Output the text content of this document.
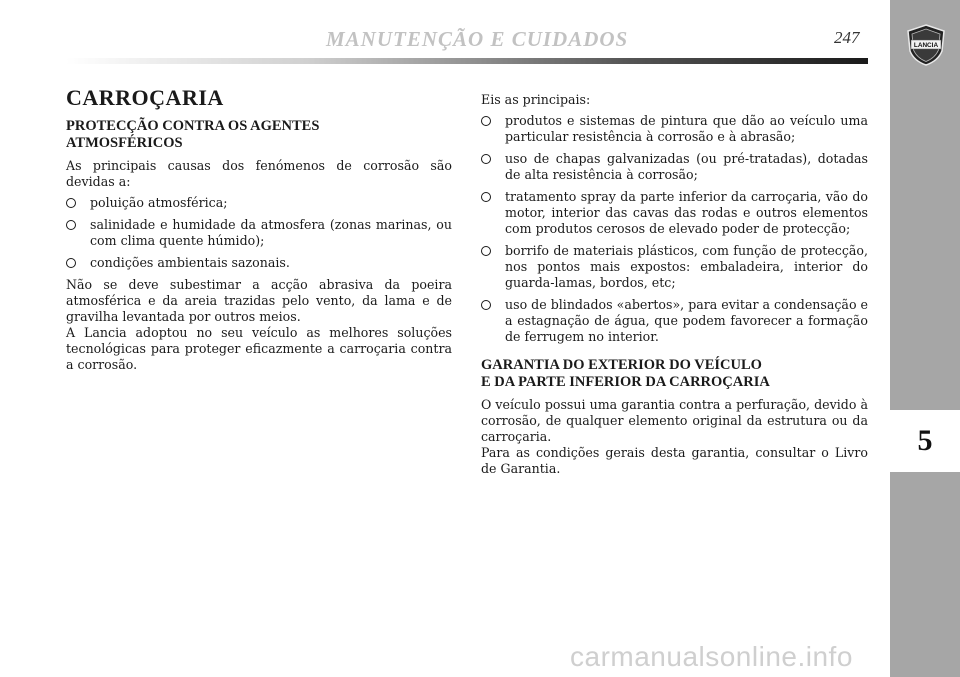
MANUTENÇÃO E CUIDADOS	247	LANCIA
5
CARROÇARIA
PROTECÇÃO CONTRA OS AGENTES
ATMOSFÉRICOS

As principais causas dos fenómenos de corrosão são devidas a:

poluição atmosférica;
salinidade e humidade da atmosfera (zonas marinas, ou com clima quente húmido);
condições ambientais sazonais.

Não se deve subestimar a acção abrasiva da poeira atmosférica e da areia trazidas pelo vento, da lama e de gravilha levantada por outros meios.

A Lancia adoptou no seu veículo as melhores soluções tecnológicas para proteger eficazmente a carroçaria contra a corrosão.

Eis as principais:

produtos e sistemas de pintura que dão ao veículo uma particular resistência à corrosão e à abrasão;
uso de chapas galvanizadas (ou pré-tratadas), dotadas de alta resistência à corrosão;
tratamento spray da parte inferior da carroçaria, vão do motor, interior das cavas das rodas e outros elementos com produtos cerosos de elevado poder de protecção;
borrifo de materiais plásticos, com função de protecção, nos pontos mais expostos: embaladeira, interior do guarda-lamas, bordos, etc;
uso de blindados «abertos», para evitar a condensação e a estagnação de água, que podem favorecer a formação de ferrugem no interior.
GARANTIA DO EXTERIOR DO VEÍCULO
E DA PARTE INFERIOR DA CARROÇARIA

O veículo possui uma garantia contra a perfuração, devido à corrosão, de qualquer elemento original da estrutura ou da carroçaria.

Para as condições gerais desta garantia, consultar o Livro de Garantia.

carmanualsonline.info
